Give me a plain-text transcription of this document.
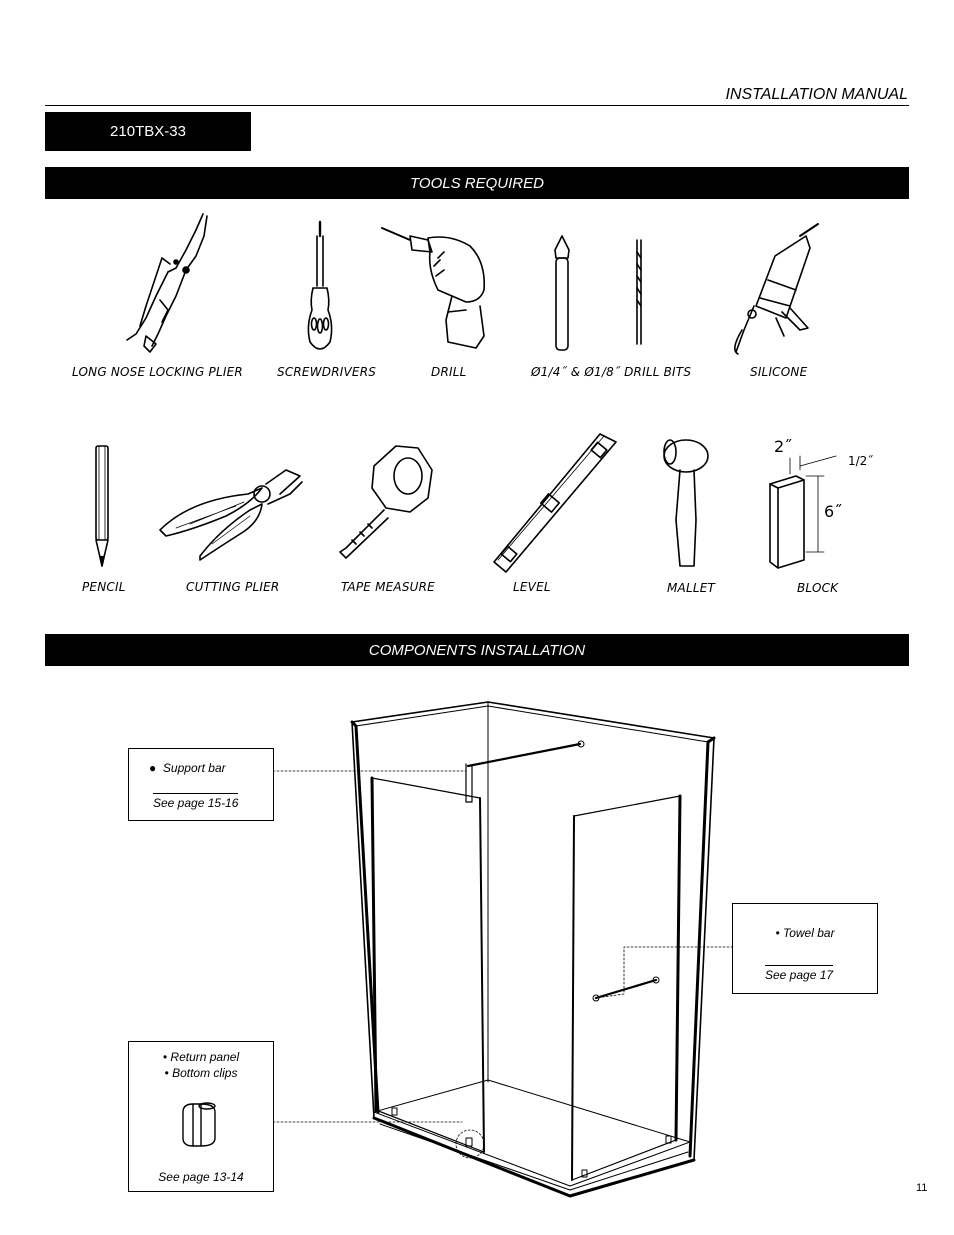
INSTALLATION MANUAL
210TBX-33
TOOLS REQUIRED
LONG NOSE LOCKING PLIER	SCREWDRIVERS	DRILL	Ø1/4˝ & Ø1/8˝ DRILL BITS	SILICONE
PENCIL	CUTTING PLIER	TAPE MEASURE	LEVEL	MALLET	BLOCK
2˝
1/2˝
6˝
COMPONENTS INSTALLATION
● Support bar
See page 15-16
• Towel bar
See page 17
• Return panel
• Bottom clips
See page 13-14
11
